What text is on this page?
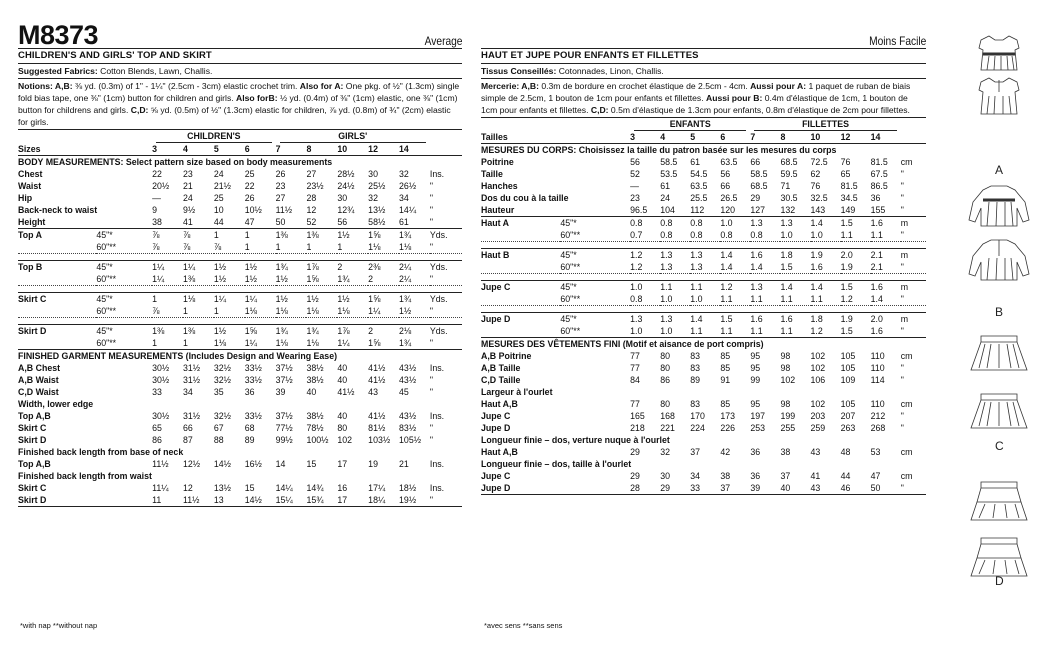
M8373	Average
CHILDREN'S AND GIRLS' TOP AND SKIRT
Suggested Fabrics: Cotton Blends, Lawn, Challis.
Notions: A,B: ⅜ yd. (0.3m) of 1" - 1¼" (2.5cm - 3cm) elastic crochet trim. Also for A: One pkg. of ½" (1.3cm) single fold bias tape, one ⅜" (1cm) button for children and girls. Also forB: ½ yd. (0.4m) of ⅜" (1cm) elastic, one ⅜" (1cm) button for childrens and girls. C,D: ⅝ yd. (0.5m) of ½" (1.3cm) elastic for children, ⅞ yd. (0.8m) of ¾" (2cm) elastic for girls.

		CHILDREN'S				GIRLS'					

Sizes		3	4	5	6	7	8	10	12	14	
BODY MEASUREMENTS: Select pattern size based on body measurements											
Chest		22	23	24	25	26	27	28½	30	32	Ins.
Waist		20½	21	21½	22	23	23½	24½	25½	26½	"
Hip		—	24	25	26	27	28	30	32	34	"
Back-neck to waist		9	9½	10	10½	11½	12	12¾	13½	14¼	"
Height		38	41	44	47	50	52	56	58½	61	"
Top A	45"*	⅞	⅞	1	1	1⅜	1⅜	1½	1⅝	1¾	Yds.
	60"**	⅞	⅞	⅞	1	1	1	1	1⅛	1⅛	"

Top B	45"*	1¼	1¼	1½	1½	1¾	1⅞	2	2⅜	2¼	Yds.
	60"**	1¼	1⅜	1½	1½	1½	1⅝	1¾	2	2¼	"

Skirt C	45"*	1	1⅛	1¼	1¼	1½	1½	1½	1⅝	1¾	Yds.
	60"**	⅞	1	1	1⅛	1⅛	1⅛	1⅛	1¼	1½	"

Skirt D	45"*	1⅜	1⅜	1½	1⅝	1¾	1¾	1⅞	2	2⅛	Yds.
	60"**	1	1	1⅛	1¼	1⅛	1⅛	1¼	1⅝	1¾	"
FINISHED GARMENT MEASUREMENTS (Includes Design and Wearing Ease)											
A,B Chest		30½	31½	32½	33½	37½	38½	40	41½	43½	Ins.
A,B Waist		30½	31½	32½	33½	37½	38½	40	41½	43½	"
C,D Waist		33	34	35	36	39	40	41½	43	45	"
Width, lower edge											
Top A,B		30½	31½	32½	33½	37½	38½	40	41½	43½	Ins.
Skirt C		65	66	67	68	77½	78½	80	81½	83½	"
Skirt D		86	87	88	89	99½	100½	102	103½	105½	"
Finished back length from base of neck											
Top A,B		11½	12½	14½	16½	14	15	17	19	21	Ins.
Finished back length from waist											
Skirt C		11¼	12	13½	15	14¼	14¾	16	17¼	18½	Ins.
Skirt D		11	11½	13	14½	15¼	15¾	17	18¼	19½	"

*with nap **without nap
Moins Facile
HAUT ET JUPE POUR ENFANTS ET FILLETTES
Tissus Conseillés: Cotonnades, Linon, Challis.
Mercerie: A,B: 0.3m de bordure en crochet élastique de 2.5cm - 4cm. Aussi pour A: 1 paquet de ruban de biais simple de 2.5cm, 1 bouton de 1cm pour enfants et fillettes. Aussi pour B: 0.4m d'élastique de 1cm, 1 bouton de 1cm pour enfants et fillettes. C,D: 0.5m d'élastique de 1.3cm pour enfants, 0.8m d'élastique de 2cm pour fillettes.

		ENFANTS				FILLETTES					

Tailles		3	4	5	6	7	8	10	12	14	
MESURES DU CORPS: Choisissez la taille du patron basée sur les mesures du corps											
Poitrine		56	58.5	61	63.5	66	68.5	72.5	76	81.5	cm
Taille		52	53.5	54.5	56	58.5	59.5	62	65	67.5	"
Hanches		—	61	63.5	66	68.5	71	76	81.5	86.5	"
Dos du cou à la taille		23	24	25.5	26.5	29	30.5	32.5	34.5	36	"
Hauteur		96.5	104	112	120	127	132	143	149	155	"
Haut A	45"*	0.8	0.8	0.8	1.0	1.3	1.3	1.4	1.5	1.6	m
	60"**	0.7	0.8	0.8	0.8	0.8	1.0	1.0	1.1	1.1	"

Haut B	45"*	1.2	1.3	1.3	1.4	1.6	1.8	1.9	2.0	2.1	m
	60"**	1.2	1.3	1.3	1.4	1.4	1.5	1.6	1.9	2.1	"

Jupe C	45"*	1.0	1.1	1.1	1.2	1.3	1.4	1.4	1.5	1.6	m
	60"**	0.8	1.0	1.0	1.1	1.1	1.1	1.1	1.2	1.4	"

Jupe D	45"*	1.3	1.3	1.4	1.5	1.6	1.6	1.8	1.9	2.0	m
	60"**	1.0	1.0	1.1	1.1	1.1	1.1	1.2	1.5	1.6	"
MESURES DES VÊTEMENTS FINI (Motif et aisance de port compris)											
A,B Poitrine		77	80	83	85	95	98	102	105	110	cm
A,B Taille		77	80	83	85	95	98	102	105	110	"
C,D Taille		84	86	89	91	99	102	106	109	114	"
Largeur à l'ourlet											
Haut A,B		77	80	83	85	95	98	102	105	110	cm
Jupe C		165	168	170	173	197	199	203	207	212	"
Jupe D		218	221	224	226	253	255	259	263	268	"
Longueur finie – dos, verture nuque à l'ourlet											
Haut A,B		29	32	37	42	36	38	43	48	53	cm
Longueur finie – dos, taille à l'ourlet											
Jupe C		29	30	34	38	36	37	41	44	47	cm
Jupe D		28	29	33	37	39	40	43	46	50	"

*avec sens **sans sens
A
B
C
D
